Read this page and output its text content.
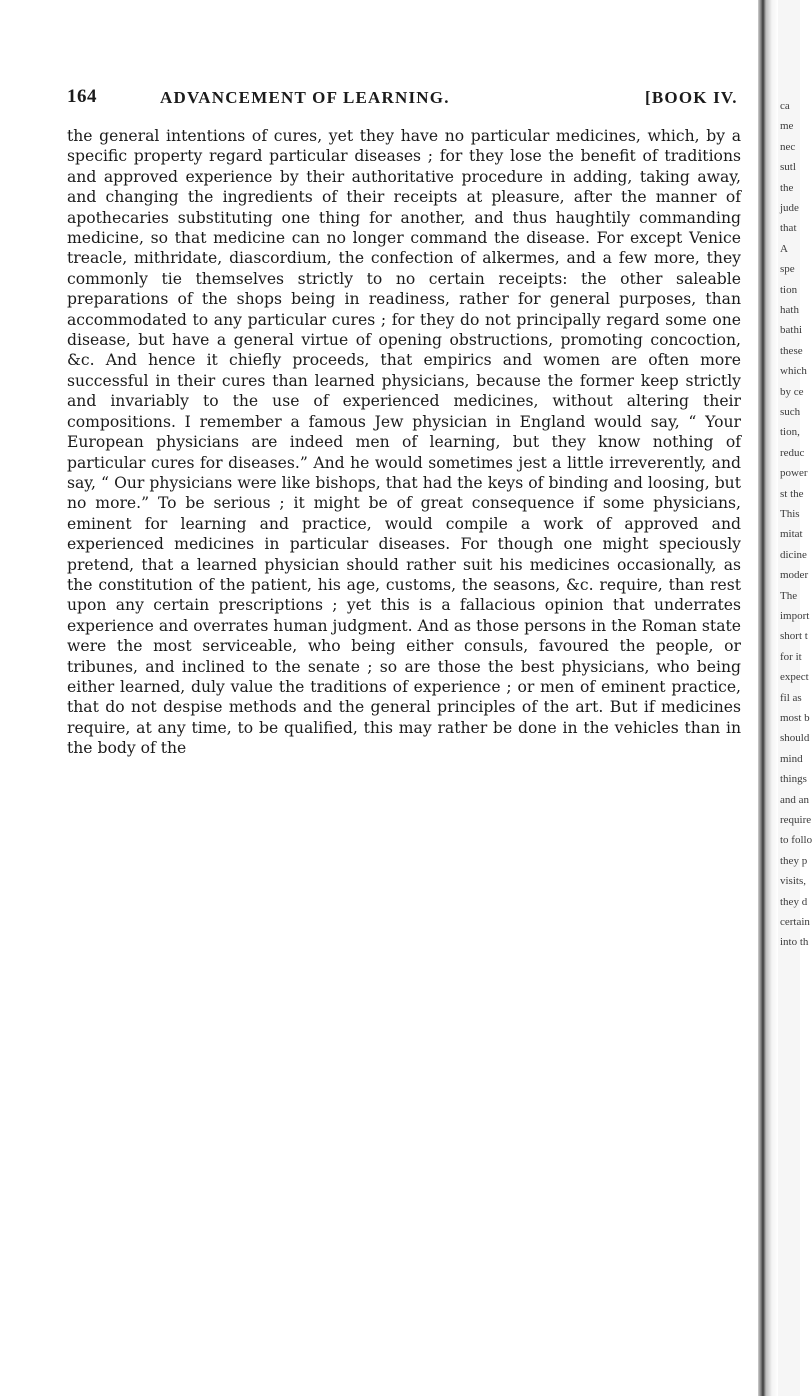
164	ADVANCEMENT OF LEARNING.	[BOOK IV.

the general intentions of cures, yet they have no particular medicines, which, by a specific property regard particular diseases ; for they lose the benefit of traditions and approved experience by their authoritative procedure in adding, taking away, and changing the ingredients of their receipts at pleasure, after the manner of apothecaries substituting one thing for another, and thus haughtily commanding medicine, so that medicine can no longer command the disease. For except Venice treacle, mithridate, diascordium, the confection of alkermes, and a few more, they commonly tie themselves strictly to no certain receipts: the other saleable preparations of the shops being in readiness, rather for general purposes, than accommodated to any particular cures ; for they do not principally regard some one disease, but have a general virtue of opening obstructions, promoting concoction, &c. And hence it chiefly proceeds, that empirics and women are often more successful in their cures than learned physicians, because the former keep strictly and invariably to the use of experienced medicines, without altering their compositions. I remember a famous Jew physician in England would say, “ Your European physicians are indeed men of learning, but they know nothing of particular cures for diseases.” And he would sometimes jest a little irreverently, and say, “ Our physicians were like bishops, that had the keys of binding and loosing, but no more.” To be serious ; it might be of great consequence if some physicians, eminent for learning and practice, would compile a work of approved and experienced medicines in particular diseases. For though one might speciously pretend, that a learned physician should rather suit his medicines occasionally, as the constitution of the patient, his age, customs, the seasons, &c. require, than rest upon any certain prescriptions ; yet this is a fallacious opinion that underrates experience and overrates human judgment. And as those persons in the Roman state were the most serviceable, who being either consuls, favoured the people, or tribunes, and inclined to the senate ; so are those the best physicians, who being either learned, duly value the traditions of experience ; or men of eminent practice, that do not despise methods and the general principles of the art. But if medicines require, at any time, to be qualified, this may rather be done in the vehicles than in the body of the

ca
me
nec
sutl
the
jude
that
A
spe
tion
hath
bathi
these
which
by ce
such
tion,
reduc
power
st the
This
mitat
dicine
moder
The
import
short t
for it
expect
fil as
most b
should
mind
things
and an
require
to follo
they p
visits,
they d
certain
into th
